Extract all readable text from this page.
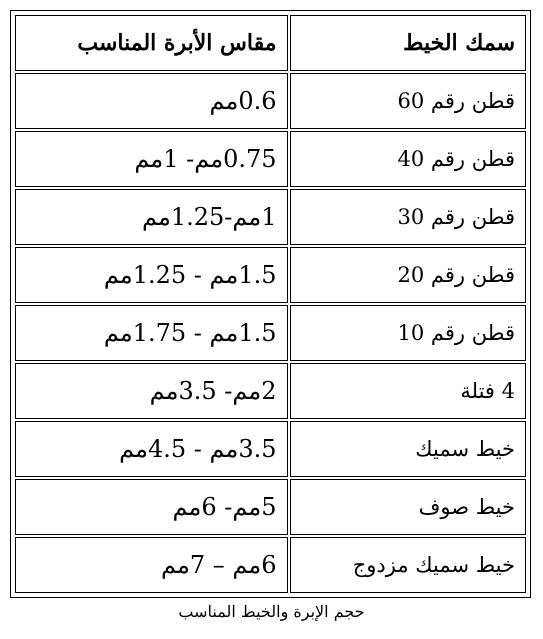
سمك الخيط	مقاس الأبرة المناسب
قطن رقم 60	0.6مم
قطن رقم 40	0.75مم- 1مم
قطن رقم 30	1مم-1.25مم
قطن رقم 20	1.5مم - 1.25مم
قطن رقم 10	1.5مم - 1.75مم
4 فتلة	2مم- 3.5مم
خيط سميك	3.5مم - 4.5مم
خيط صوف	5مم- 6مم
خيط سميك مزدوج	6مم – 7مم
حجم الإبرة والخيط المناسب
